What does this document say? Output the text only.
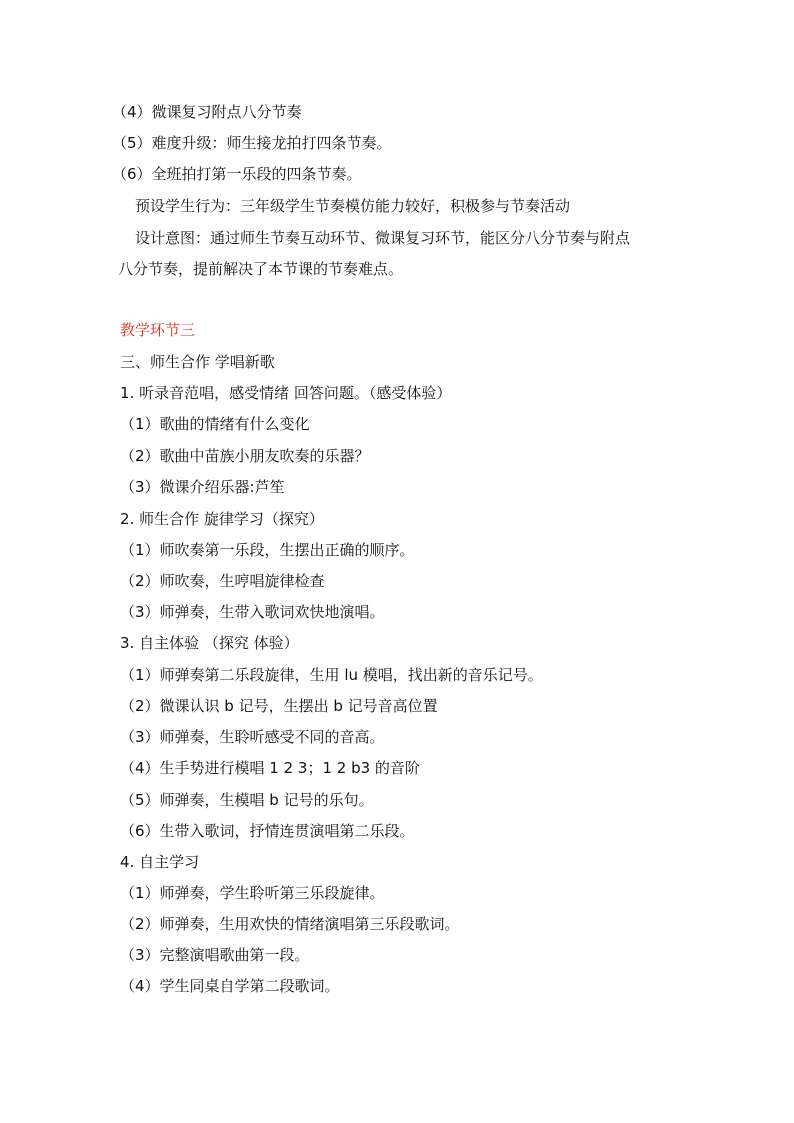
（4）微课复习附点八分节奏
（5）难度升级：师生接龙拍打四条节奏。
（6）全班拍打第一乐段的四条节奏。
预设学生行为：三年级学生节奏模仿能力较好，积极参与节奏活动
设计意图：通过师生节奏互动环节、微课复习环节，能区分八分节奏与附点
八分节奏，提前解决了本节课的节奏难点。
教学环节三
三、师生合作 学唱新歌
1. 听录音范唱，感受情绪 回答问题。（感受体验）
（1）歌曲的情绪有什么变化
（2）歌曲中苗族小朋友吹奏的乐器？
（3）微课介绍乐器:芦笙
2. 师生合作 旋律学习（探究）
（1）师吹奏第一乐段，生摆出正确的顺序。
（2）师吹奏，生哼唱旋律检查
（3）师弹奏，生带入歌词欢快地演唱。
3. 自主体验 （探究 体验）
（1）师弹奏第二乐段旋律，生用 lu 模唱，找出新的音乐记号。
（2）微课认识 b 记号，生摆出 b 记号音高位置
（3）师弹奏，生聆听感受不同的音高。
（4）生手势进行模唱 1 2 3；1 2 b3 的音阶
（5）师弹奏，生模唱 b 记号的乐句。
（6）生带入歌词，抒情连贯演唱第二乐段。
4. 自主学习
（1）师弹奏，学生聆听第三乐段旋律。
（2）师弹奏，生用欢快的情绪演唱第三乐段歌词。
（3）完整演唱歌曲第一段。
（4）学生同桌自学第二段歌词。
